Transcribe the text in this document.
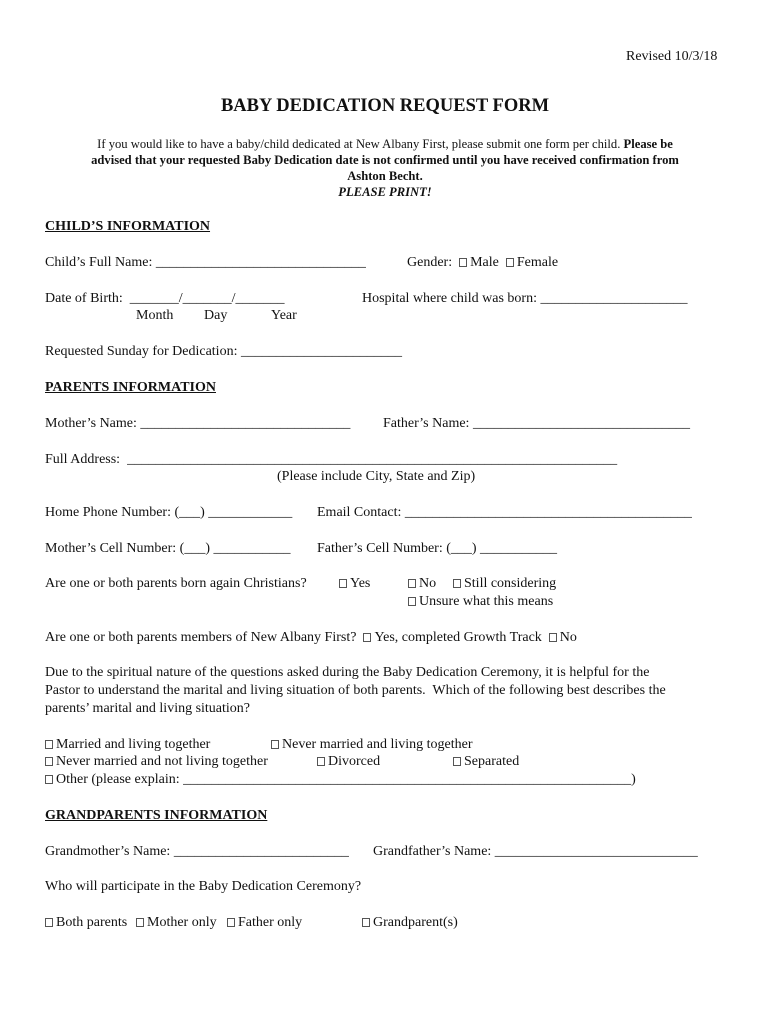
Revised 10/3/18
BABY DEDICATION REQUEST FORM
If you would like to have a baby/child dedicated at New Albany First, please submit one form per child. Please be
advised that your requested Baby Dedication date is not confirmed until you have received confirmation from
Ashton Becht.
PLEASE PRINT!
CHILD’S INFORMATION
Child’s Full Name: ______________________________	Gender: Male Female
Date of Birth:  _______/_______/_______	Hospital where child was born: _____________________
Month Day	Year
Requested Sunday for Dedication: _______________________
PARENTS INFORMATION
Mother’s Name: ______________________________ Father’s Name: _______________________________
Full Address:  ______________________________________________________________________
(Please include City, State and Zip)
Home Phone Number: (___) ____________ Email Contact: _________________________________________
Mother’s Cell Number: (___) ___________ Father’s Cell Number: (___) ___________
Are one or both parents born again Christians?	Yes	No	Still considering
Unsure what this means
Are one or both parents members of New Albany First? Yes, completed Growth Track No
Due to the spiritual nature of the questions asked during the Baby Dedication Ceremony, it is helpful for the
Pastor to understand the marital and living situation of both parents.  Which of the following best describes the
parents’ marital and living situation?
Married and living together	Never married and living together
Never married and not living together	Divorced	Separated
Other (please explain: ________________________________________________________________)
GRANDPARENTS INFORMATION
Grandmother’s Name: _________________________ Grandfather’s Name: _____________________________
Who will participate in the Baby Dedication Ceremony?
Both parents	Mother only	Father only	Grandparent(s)
